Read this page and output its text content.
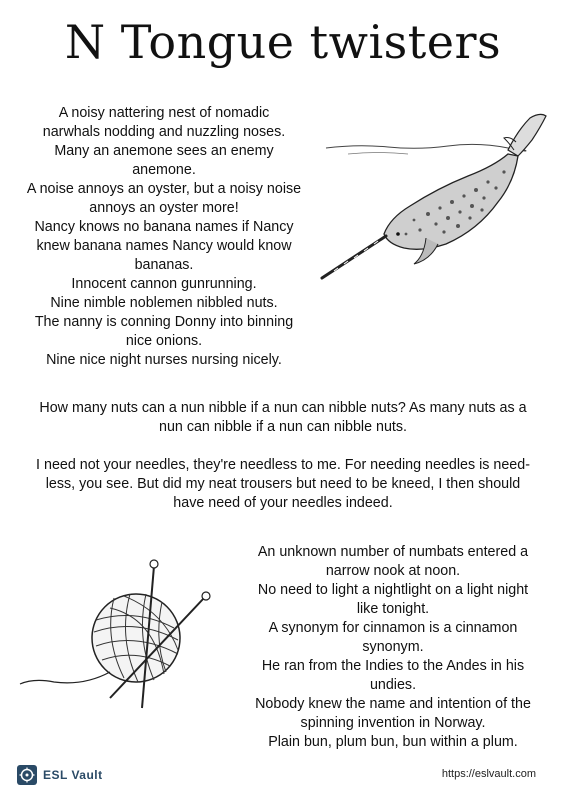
N Tongue twisters
A noisy nattering nest of nomadic
narwhals nodding and nuzzling noses.
Many an anemone sees an enemy
anemone.
A noise annoys an oyster, but a noisy noise
annoys an oyster more!
Nancy knows no banana names if Nancy
knew banana names Nancy would know
bananas.
Innocent cannon gunrunning.
Nine nimble noblemen nibbled nuts.
The nanny is conning Donny into binning
nice onions.
Nine nice night nurses nursing nicely.
How many nuts can a nun nibble if a nun can nibble nuts? As many nuts as a
nun can nibble if a nun can nibble nuts.
I need not your needles, they're needless to me. For needing needles is need-
less, you see. But did my neat trousers but need to be kneed, I then should
have need of your needles indeed.
An unknown number of numbats entered a
narrow nook at noon.
No need to light a nightlight on a light night
like tonight.
A synonym for cinnamon is a cinnamon
synonym.
He ran from the Indies to the Andes in his
undies.
Nobody knew the name and intention of the
spinning invention in Norway.
Plain bun, plum bun, bun within a plum.
ESL Vault	https://eslvault.com
